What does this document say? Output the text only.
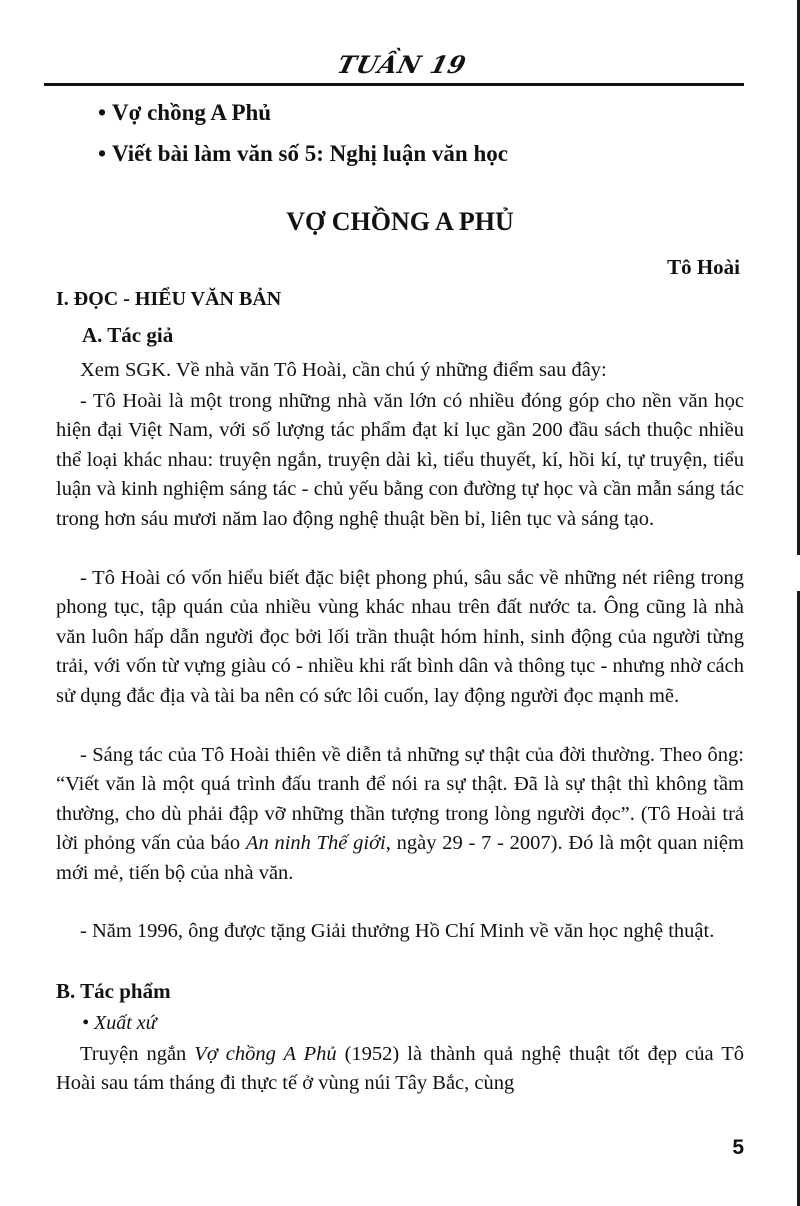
TUẦN 19
• Vợ chồng A Phủ
• Viết bài làm văn số 5: Nghị luận văn học
VỢ CHỒNG A PHỦ
Tô Hoài
I. ĐỌC - HIỂU VĂN BẢN
A. Tác giả
Xem SGK. Về nhà văn Tô Hoài, cần chú ý những điểm sau đây:
- Tô Hoài là một trong những nhà văn lớn có nhiều đóng góp cho nền văn học hiện đại Việt Nam, với số lượng tác phẩm đạt kỉ lục gần 200 đầu sách thuộc nhiều thể loại khác nhau: truyện ngắn, truyện dài kì, tiểu thuyết, kí, hồi kí, tự truyện, tiểu luận và kinh nghiệm sáng tác - chủ yếu bằng con đường tự học và cần mẫn sáng tác trong hơn sáu mươi năm lao động nghệ thuật bền bỉ, liên tục và sáng tạo.
- Tô Hoài có vốn hiểu biết đặc biệt phong phú, sâu sắc về những nét riêng trong phong tục, tập quán của nhiều vùng khác nhau trên đất nước ta. Ông cũng là nhà văn luôn hấp dẫn người đọc bởi lối trần thuật hóm hỉnh, sinh động của người từng trải, với vốn từ vựng giàu có - nhiều khi rất bình dân và thông tục - nhưng nhờ cách sử dụng đắc địa và tài ba nên có sức lôi cuốn, lay động người đọc mạnh mẽ.
- Sáng tác của Tô Hoài thiên về diễn tả những sự thật của đời thường. Theo ông: “Viết văn là một quá trình đấu tranh để nói ra sự thật. Đã là sự thật thì không tầm thường, cho dù phải đập vỡ những thần tượng trong lòng người đọc”. (Tô Hoài trả lời phỏng vấn của báo An ninh Thế giới, ngày 29 - 7 - 2007). Đó là một quan niệm mới mẻ, tiến bộ của nhà văn.
- Năm 1996, ông được tặng Giải thưởng Hồ Chí Minh về văn học nghệ thuật.
B. Tác phẩm
• Xuất xứ
Truyện ngắn Vợ chồng A Phủ (1952) là thành quả nghệ thuật tốt đẹp của Tô Hoài sau tám tháng đi thực tế ở vùng núi Tây Bắc, cùng
5
